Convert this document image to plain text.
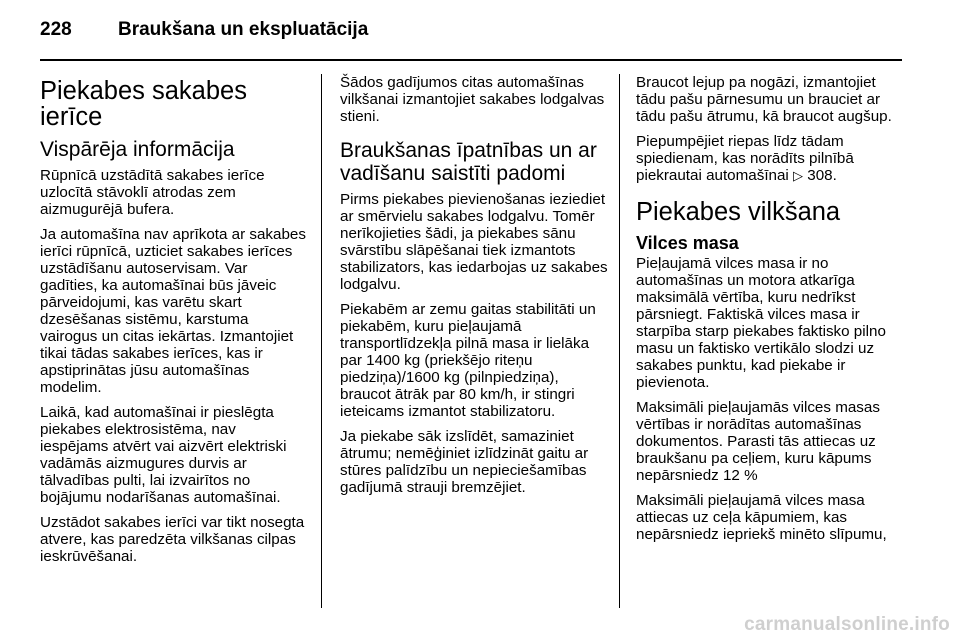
228 Braukšana un ekspluatācija
Piekabes sakabes ierīce
Vispārēja informācija

Rūpnīcā uzstādītā sakabes ierīce uzlocītā stāvoklī atrodas zem aizmugurējā bufera.

Ja automašīna nav aprīkota ar sakabes ierīci rūpnīcā, uzticiet sakabes ierīces uzstādīšanu autoservisam. Var gadīties, ka automašīnai būs jāveic pārveidojumi, kas varētu skart dzesēšanas sistēmu, karstuma vairogus un citas iekārtas. Izmantojiet tikai tādas sakabes ierīces, kas ir apstiprinātas jūsu automašīnas modelim.

Laikā, kad automašīnai ir pieslēgta piekabes elektrosistēma, nav iespējams atvērt vai aizvērt elektriski vadāmās aizmugures durvis ar tālvadības pulti, lai izvairītos no bojājumu nodarīšanas automašīnai.

Uzstādot sakabes ierīci var tikt nosegta atvere, kas paredzēta vilkšanas cilpas ieskrūvēšanai.

Šādos gadījumos citas automašīnas vilkšanai izmantojiet sakabes lodgalvas stieni.

Braukšanas īpatnības un ar vadīšanu saistīti padomi

Pirms piekabes pievienošanas ieziediet ar smērvielu sakabes lodgalvu. Tomēr nerīkojieties šādi, ja piekabes sānu svārstību slāpēšanai tiek izmantots stabilizators, kas iedarbojas uz sakabes lodgalvu.

Piekabēm ar zemu gaitas stabilitāti un piekabēm, kuru pieļaujamā transportlīdzekļa pilnā masa ir lielāka par 1400 kg (priekšējo riteņu piedziņa)/1600 kg (pilnpiedziņa), braucot ātrāk par 80 km/h, ir stingri ieteicams izmantot stabilizatoru.

Ja piekabe sāk izslīdēt, samaziniet ātrumu; nemēģiniet izlīdzināt gaitu ar stūres palīdzību un nepieciešamības gadījumā strauji bremzējiet.

Braucot lejup pa nogāzi, izmantojiet tādu pašu pārnesumu un brauciet ar tādu pašu ātrumu, kā braucot augšup.

Piepumpējiet riepas līdz tādam spiedienam, kas norādīts pilnībā piekrautai automašīnai ▷ 308.

Piekabes vilkšana
Vilces masa

Pieļaujamā vilces masa ir no automašīnas un motora atkarīga maksimālā vērtība, kuru nedrīkst pārsniegt. Faktiskā vilces masa ir starpība starp piekabes faktisko pilno masu un faktisko vertikālo slodzi uz sakabes punktu, kad piekabe ir pievienota.

Maksimāli pieļaujamās vilces masas vērtības ir norādītas automašīnas dokumentos. Parasti tās attiecas uz braukšanu pa ceļiem, kuru kāpums nepārsniedz 12 %

Maksimāli pieļaujamā vilces masa attiecas uz ceļa kāpumiem, kas nepārsniedz iepriekš minēto slīpumu,

carmanualsonline.info
